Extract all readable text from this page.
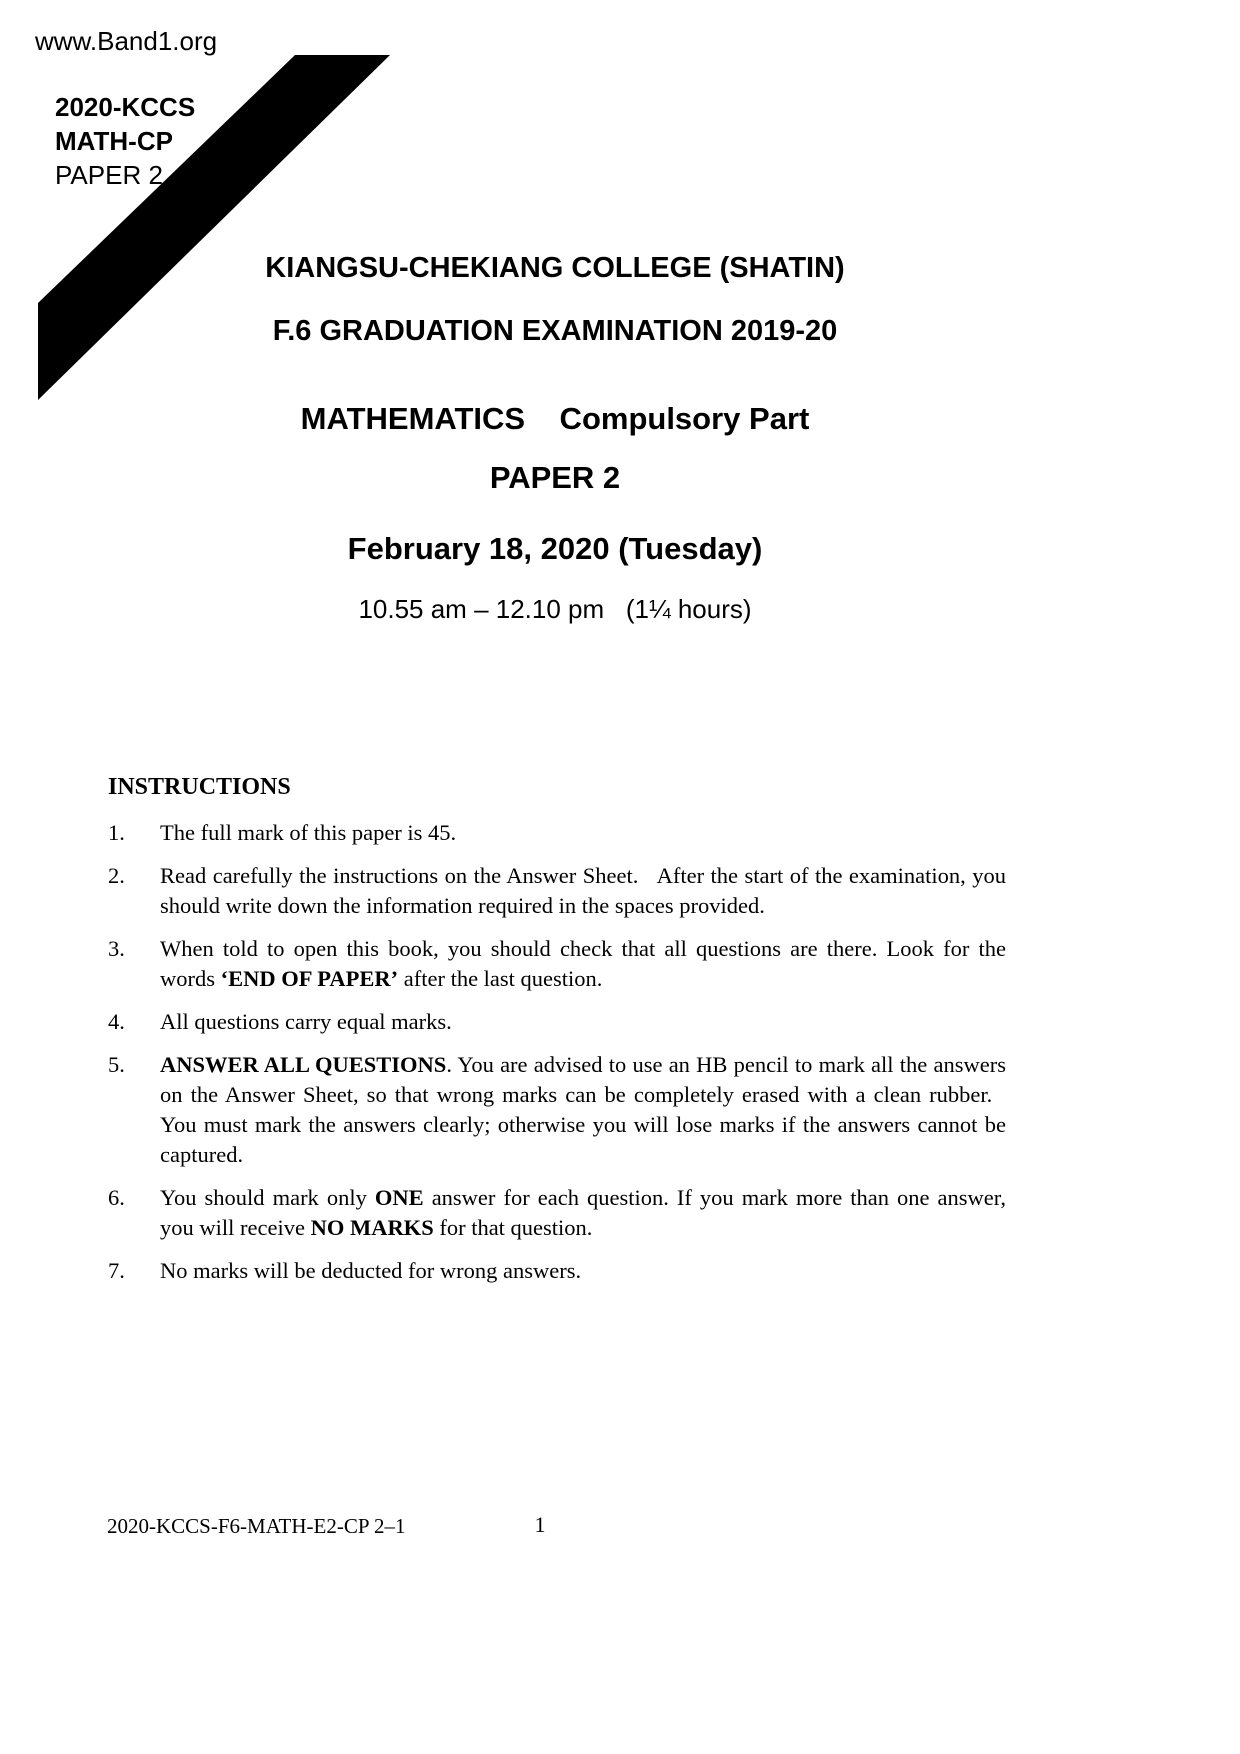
www.Band1.org
2020-KCCS
MATH-CP
PAPER 2
KIANGSU-CHEKIANG COLLEGE (SHATIN)
F.6 GRADUATION EXAMINATION 2019-20
MATHEMATICS    Compulsory Part
PAPER 2
February 18, 2020 (Tuesday)
10.55 am – 12.10 pm   (1¼ hours)
INSTRUCTIONS
1.	The full mark of this paper is 45.
2.	Read carefully the instructions on the Answer Sheet.   After the start of the examination, you should write down the information required in the spaces provided.
3.	When told to open this book, you should check that all questions are there. Look for the words ‘END OF PAPER’ after the last question.
4.	All questions carry equal marks.
5.	ANSWER ALL QUESTIONS. You are advised to use an HB pencil to mark all the answers on the Answer Sheet, so that wrong marks can be completely erased with a clean rubber.   You must mark the answers clearly; otherwise you will lose marks if the answers cannot be captured.
6.	You should mark only ONE answer for each question. If you mark more than one answer, you will receive NO MARKS for that question.
7.	No marks will be deducted for wrong answers.
2020-KCCS-F6-MATH-E2-CP 2–1	1
